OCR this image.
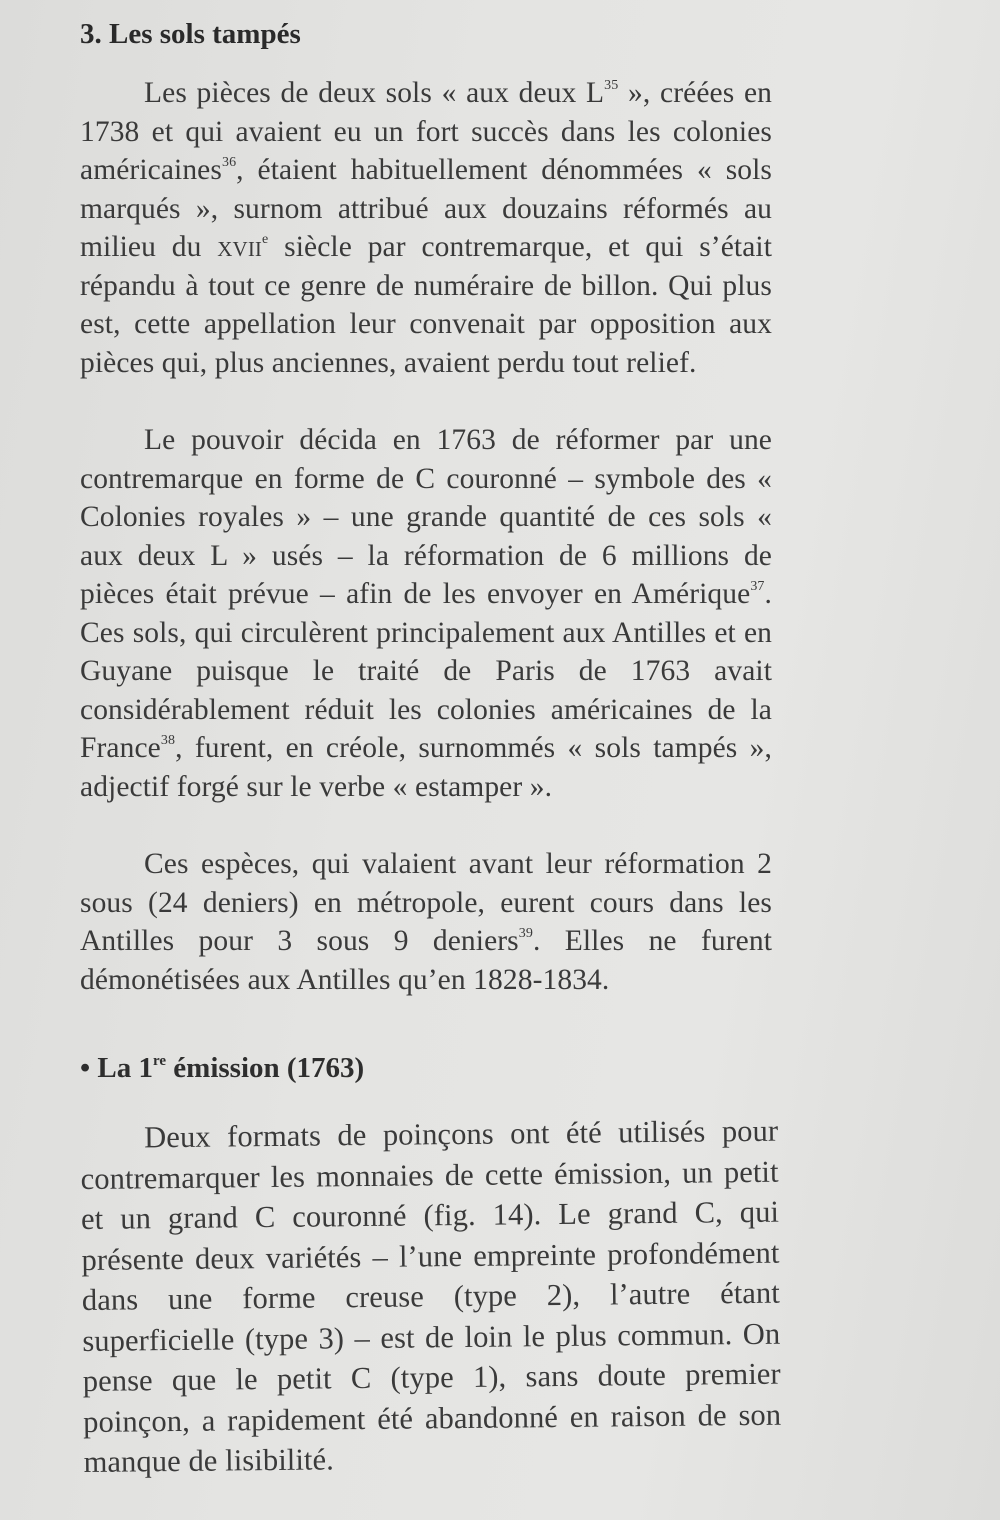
3. Les sols tampés

Les pièces de deux sols « aux deux $L^{35}$ », créées en 1738 et qui avaient eu un fort succès dans les colonies américaines$^{36}$, étaient habituellement dénommées « sols marqués », surnom attribué aux douzains réformés au milieu du xvii$^e$ siècle par contremarque, et qui s’était répandu à tout ce genre de numéraire de billon. Qui plus est, cette appellation leur convenait par opposition aux pièces qui, plus anciennes, avaient perdu tout relief.

Le pouvoir décida en 1763 de réformer par une contremarque en forme de C couronné – symbole des « Colonies royales » – une grande quantité de ces sols « aux deux L » usés – la réformation de 6 millions de pièces était prévue – afin de les envoyer en Amérique$^{37}$. Ces sols, qui circulèrent principalement aux Antilles et en Guyane puisque le traité de Paris de 1763 avait considérablement réduit les colonies américaines de la France$^{38}$, furent, en créole, surnommés « sols tampés », adjectif forgé sur le verbe « estamper ».

Ces espèces, qui valaient avant leur réformation 2 sous (24 deniers) en métropole, eurent cours dans les Antilles pour 3 sous 9 deniers$^{39}$. Elles ne furent démonétisées aux Antilles qu’en 1828-1834.

• La 1re émission (1763)

Deux formats de poinçons ont été utilisés pour contremarquer les monnaies de cette émission, un petit et un grand C couronné (fig. 14). Le grand C, qui présente deux variétés – l’une empreinte profondément dans une forme creuse (type 2), l’autre étant superficielle (type 3) – est de loin le plus commun. On pense que le petit C (type 1), sans doute premier poinçon, a rapidement été abandonné en raison de son manque de lisibilité.
